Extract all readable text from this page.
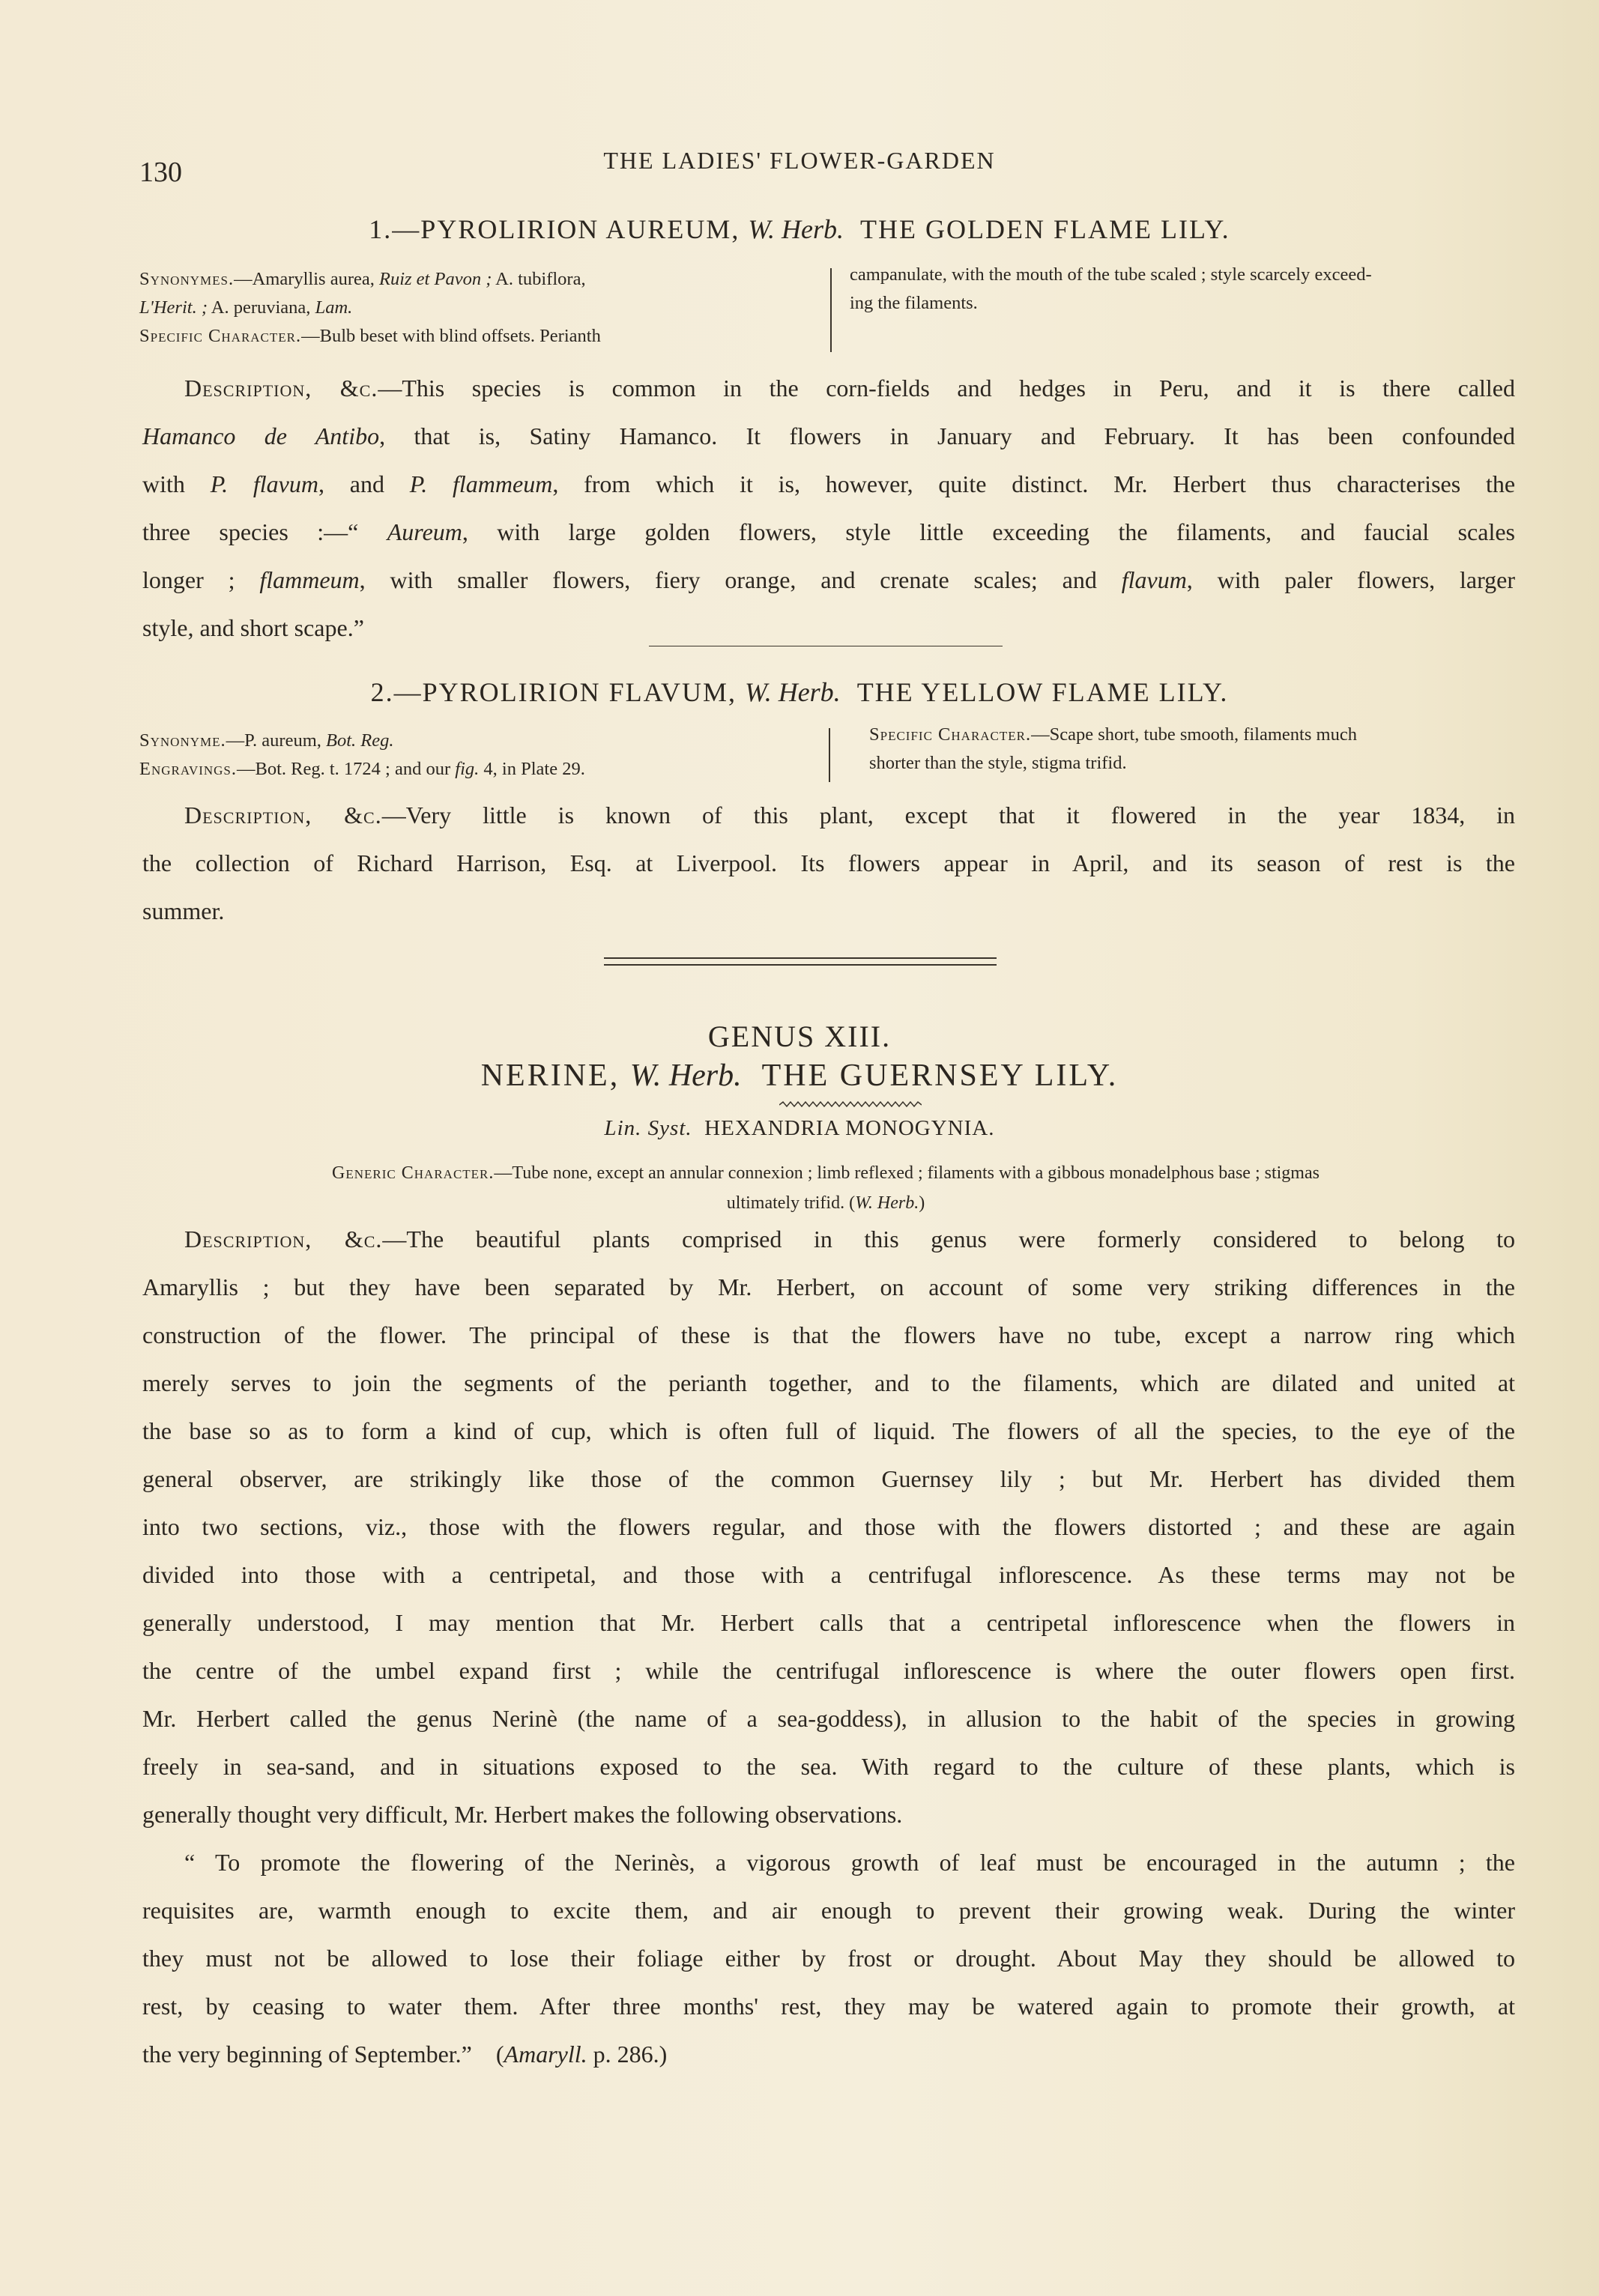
130	THE LADIES' FLOWER-GARDEN
1.—PYROLIRION AUREUM, W. Herb. THE GOLDEN FLAME LILY.
Synonymes.—Amaryllis aurea, Ruiz et Pavon ; A. tubiflora,
L'Herit. ; A. peruviana, Lam.
Specific Character.—Bulb beset with blind offsets. Perianth
campanulate, with the mouth of the tube scaled ; style scarcely exceed-
ing the filaments.
Description, &c.—This species is common in the corn-fields and hedges in Peru, and it is there called
Hamanco de Antibo, that is, Satiny Hamanco. It flowers in January and February. It has been confounded
with P. flavum, and P. flammeum, from which it is, however, quite distinct. Mr. Herbert thus characterises the
three species :—“ Aureum, with large golden flowers, style little exceeding the filaments, and faucial scales
longer ; flammeum, with smaller flowers, fiery orange, and crenate scales; and flavum, with paler flowers, larger
style, and short scape.”
2.—PYROLIRION FLAVUM, W. Herb. THE YELLOW FLAME LILY.
Synonyme.—P. aureum, Bot. Reg.
Engravings.—Bot. Reg. t. 1724 ; and our fig. 4, in Plate 29.
Specific Character.—Scape short, tube smooth, filaments much
shorter than the style, stigma trifid.
Description, &c.—Very little is known of this plant, except that it flowered in the year 1834, in
the collection of Richard Harrison, Esq. at Liverpool. Its flowers appear in April, and its season of rest is the
summer.
GENUS XIII.
NERINE, W. Herb. THE GUERNSEY LILY.
Lin. Syst. HEXANDRIA MONOGYNIA.
Generic Character.—Tube none, except an annular connexion ; limb reflexed ; filaments with a gibbous monadelphous base ; stigmas
ultimately trifid. (W. Herb.)
Description, &c.—The beautiful plants comprised in this genus were formerly considered to belong to
Amaryllis ; but they have been separated by Mr. Herbert, on account of some very striking differences in the
construction of the flower. The principal of these is that the flowers have no tube, except a narrow ring which
merely serves to join the segments of the perianth together, and to the filaments, which are dilated and united at
the base so as to form a kind of cup, which is often full of liquid. The flowers of all the species, to the eye of the
general observer, are strikingly like those of the common Guernsey lily ; but Mr. Herbert has divided them
into two sections, viz., those with the flowers regular, and those with the flowers distorted ; and these are again
divided into those with a centripetal, and those with a centrifugal inflorescence. As these terms may not be
generally understood, I may mention that Mr. Herbert calls that a centripetal inflorescence when the flowers in
the centre of the umbel expand first ; while the centrifugal inflorescence is where the outer flowers open first.
Mr. Herbert called the genus Nerinè (the name of a sea-goddess), in allusion to the habit of the species in growing
freely in sea-sand, and in situations exposed to the sea. With regard to the culture of these plants, which is
generally thought very difficult, Mr. Herbert makes the following observations.
“ To promote the flowering of the Nerinès, a vigorous growth of leaf must be encouraged in the autumn ; the
requisites are, warmth enough to excite them, and air enough to prevent their growing weak. During the winter
they must not be allowed to lose their foliage either by frost or drought. About May they should be allowed to
rest, by ceasing to water them. After three months' rest, they may be watered again to promote their growth, at
the very beginning of September.” (Amaryll. p. 286.)
